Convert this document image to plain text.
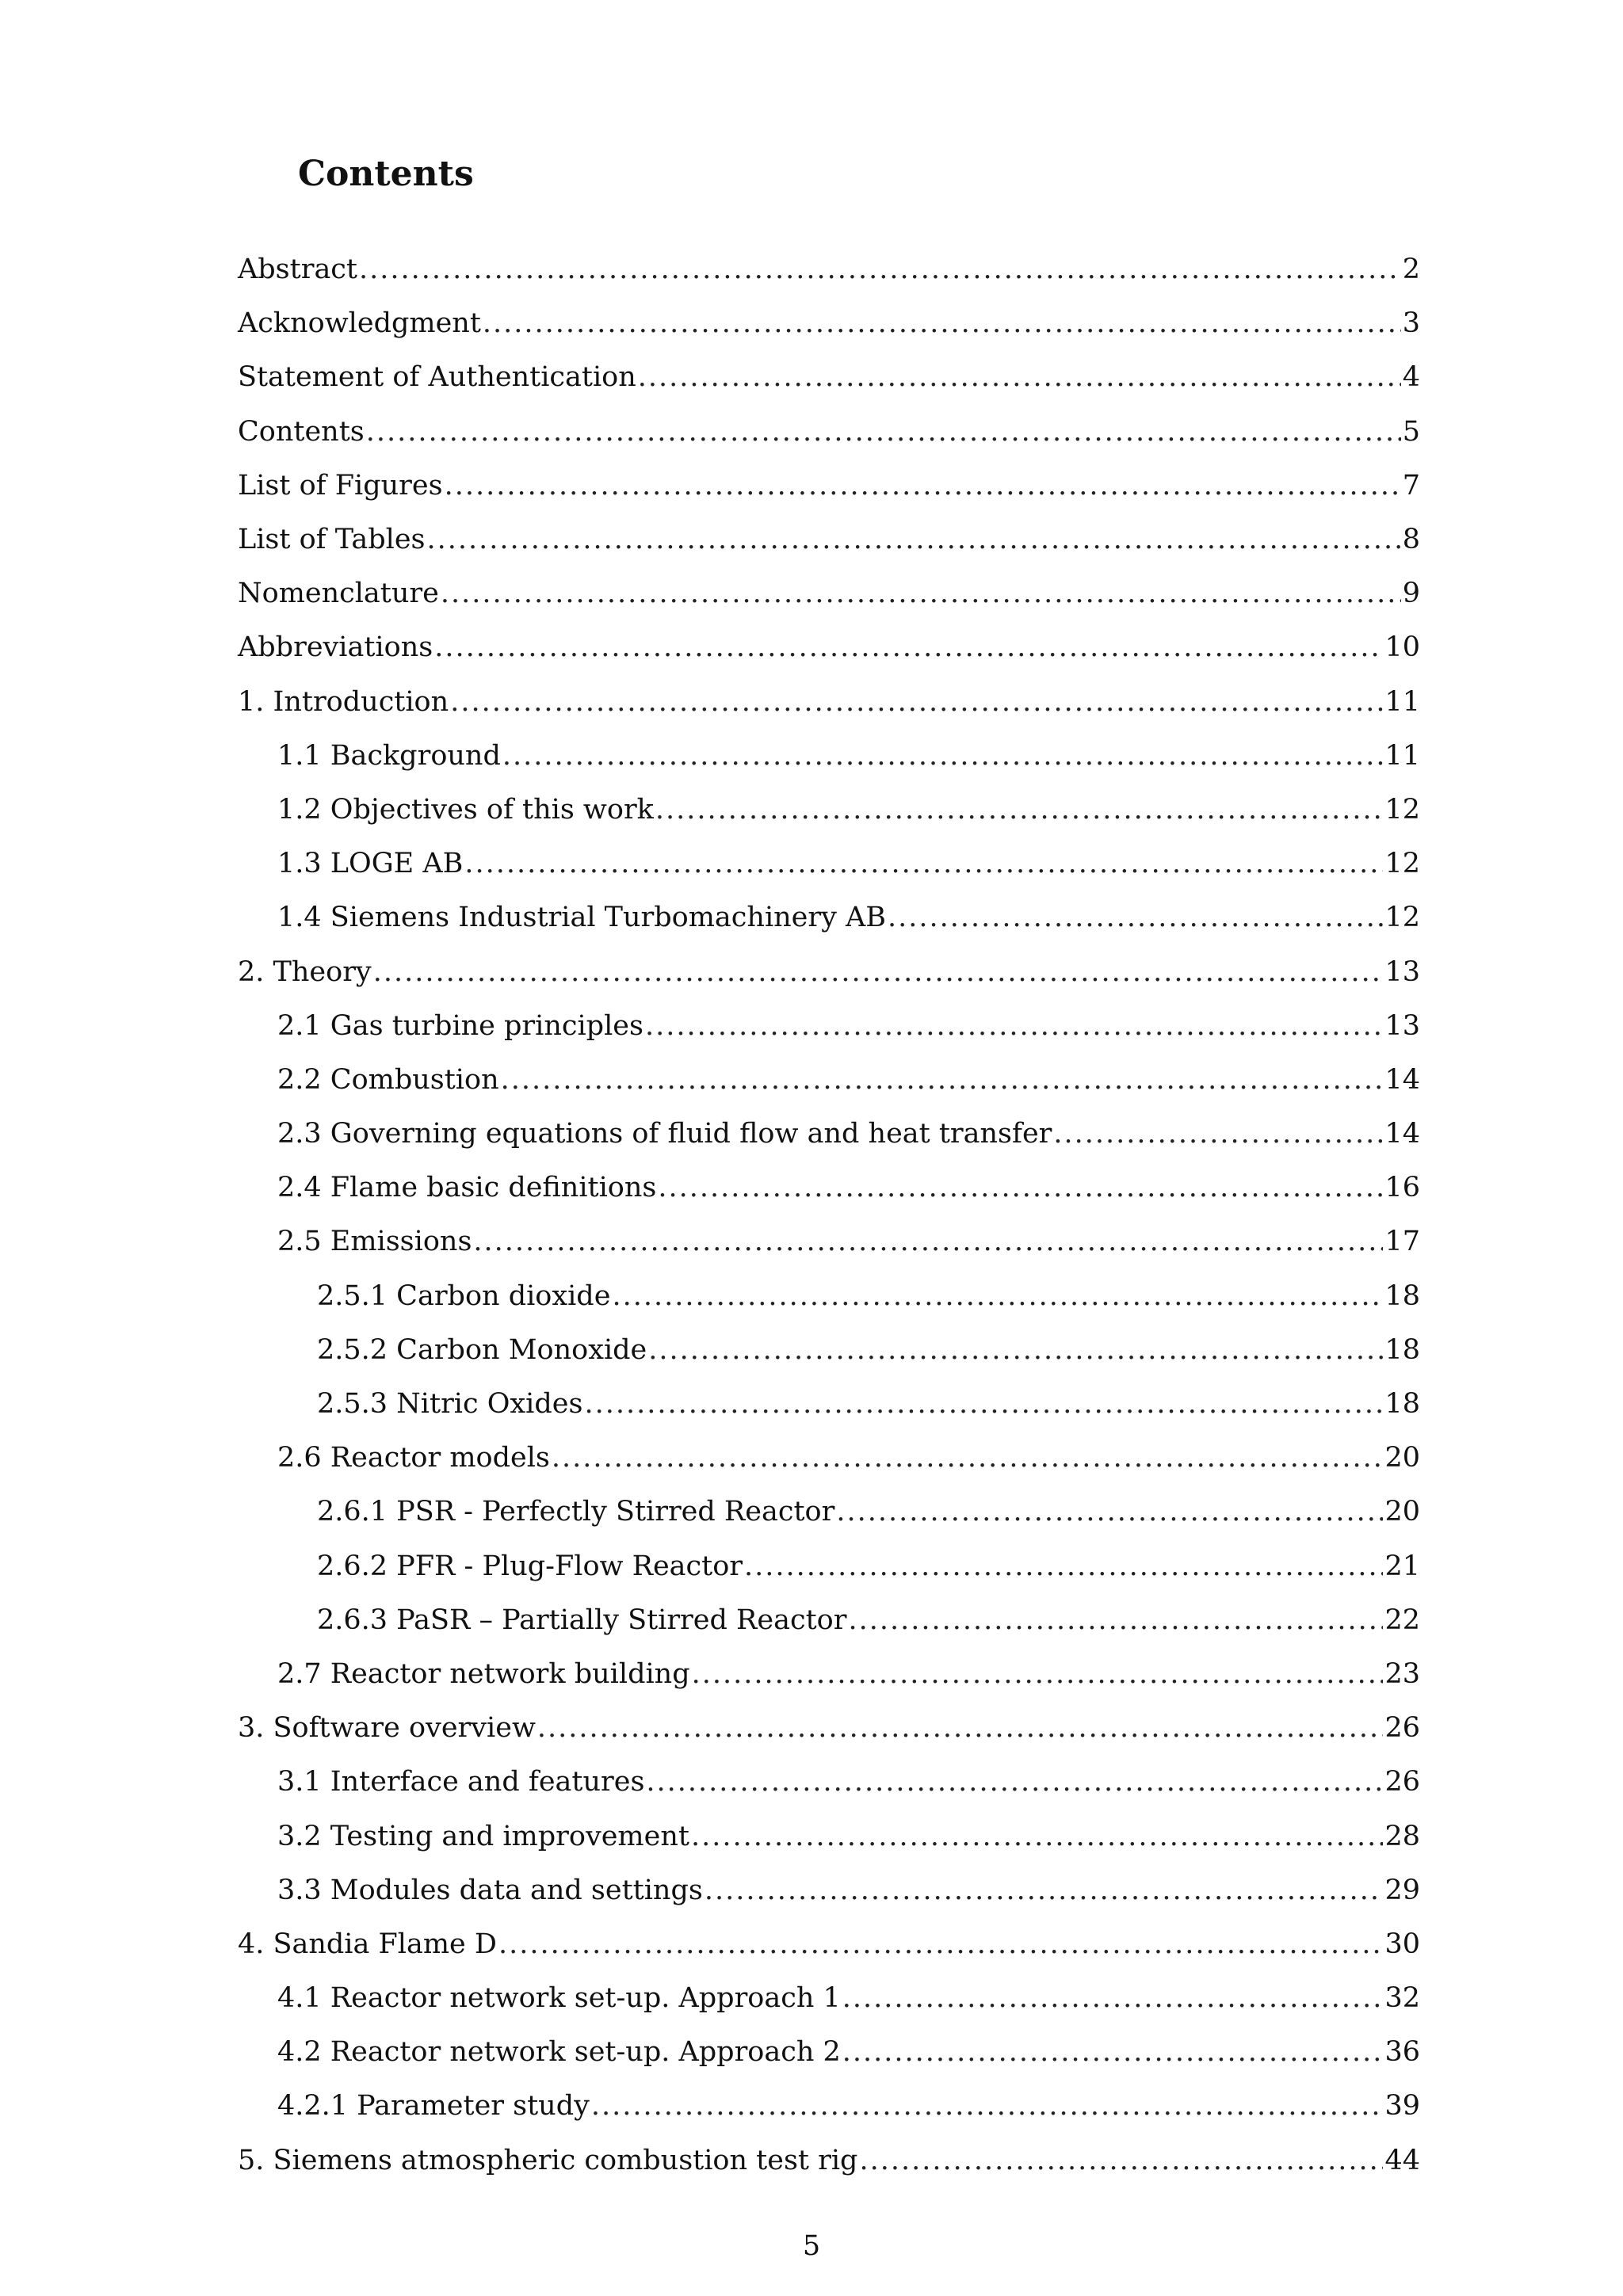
Contents
Abstract .....	2
Acknowledgment .....	3
Statement of Authentication .....	4
Contents .....	5
List of Figures .....	7
List of Tables .....	8
Nomenclature .....	9
Abbreviations .....	10
1. Introduction .....	11
1.1 Background .....	11
1.2 Objectives of this work .....	12
1.3 LOGE AB .....	12
1.4 Siemens Industrial Turbomachinery AB .....	12
2. Theory .....	13
2.1 Gas turbine principles .....	13
2.2 Combustion .....	14
2.3 Governing equations of fluid flow and heat transfer .....	14
2.4 Flame basic definitions .....	16
2.5 Emissions .....	17
2.5.1 Carbon dioxide .....	18
2.5.2 Carbon Monoxide .....	18
2.5.3 Nitric Oxides .....	18
2.6 Reactor models .....	20
2.6.1 PSR - Perfectly Stirred Reactor .....	20
2.6.2 PFR - Plug-Flow Reactor .....	21
2.6.3 PaSR – Partially Stirred Reactor .....	22
2.7 Reactor network building .....	23
3. Software overview .....	26
3.1 Interface and features .....	26
3.2 Testing and improvement .....	28
3.3 Modules data and settings .....	29
4. Sandia Flame D .....	30
4.1 Reactor network set-up. Approach 1 .....	32
4.2 Reactor network set-up. Approach 2 .....	36
4.2.1 Parameter study .....	39
5. Siemens atmospheric combustion test rig .....	44
5
